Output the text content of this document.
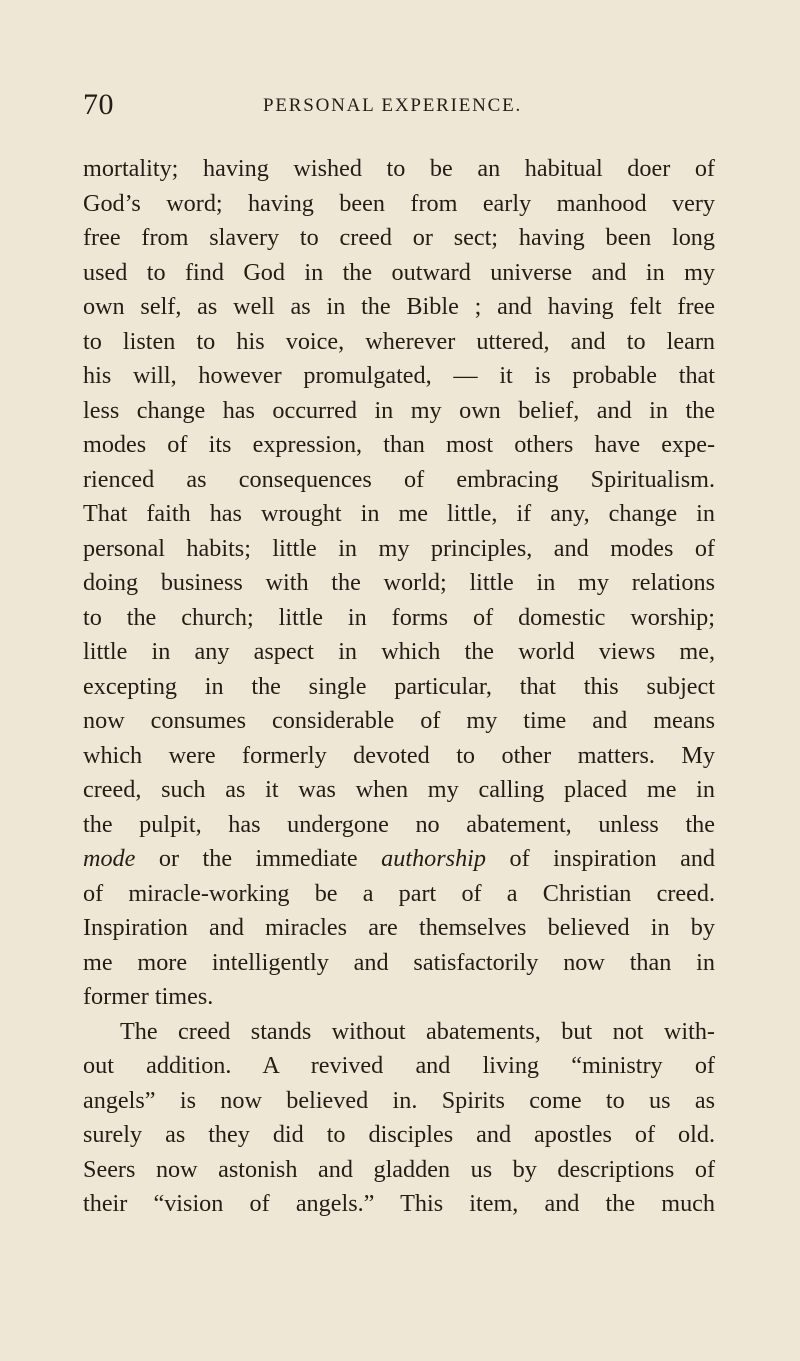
70	PERSONAL EXPERIENCE.
mortality; having wished to be an habitual doer of
God’s word; having been from early manhood very
free from slavery to creed or sect; having been long
used to find God in the outward universe and in my
own self, as well as in the Bible ; and having felt free
to listen to his voice, wherever uttered, and to learn
his will, however promulgated, — it is probable that
less change has occurred in my own belief, and in the
modes of its expression, than most others have expe-
rienced as consequences of embracing Spiritualism.
That faith has wrought in me little, if any, change in
personal habits; little in my principles, and modes of
doing business with the world; little in my relations
to the church; little in forms of domestic worship;
little in any aspect in which the world views me,
excepting in the single particular, that this subject
now consumes considerable of my time and means
which were formerly devoted to other matters. My
creed, such as it was when my calling placed me in
the pulpit, has undergone no abatement, unless the
mode or the immediate authorship of inspiration and
of miracle-working be a part of a Christian creed.
Inspiration and miracles are themselves believed in by
me more intelligently and satisfactorily now than in
former times.
The creed stands without abatements, but not with-
out addition. A revived and living “ministry of
angels” is now believed in. Spirits come to us as
surely as they did to disciples and apostles of old.
Seers now astonish and gladden us by descriptions of
their “vision of angels.” This item, and the much
